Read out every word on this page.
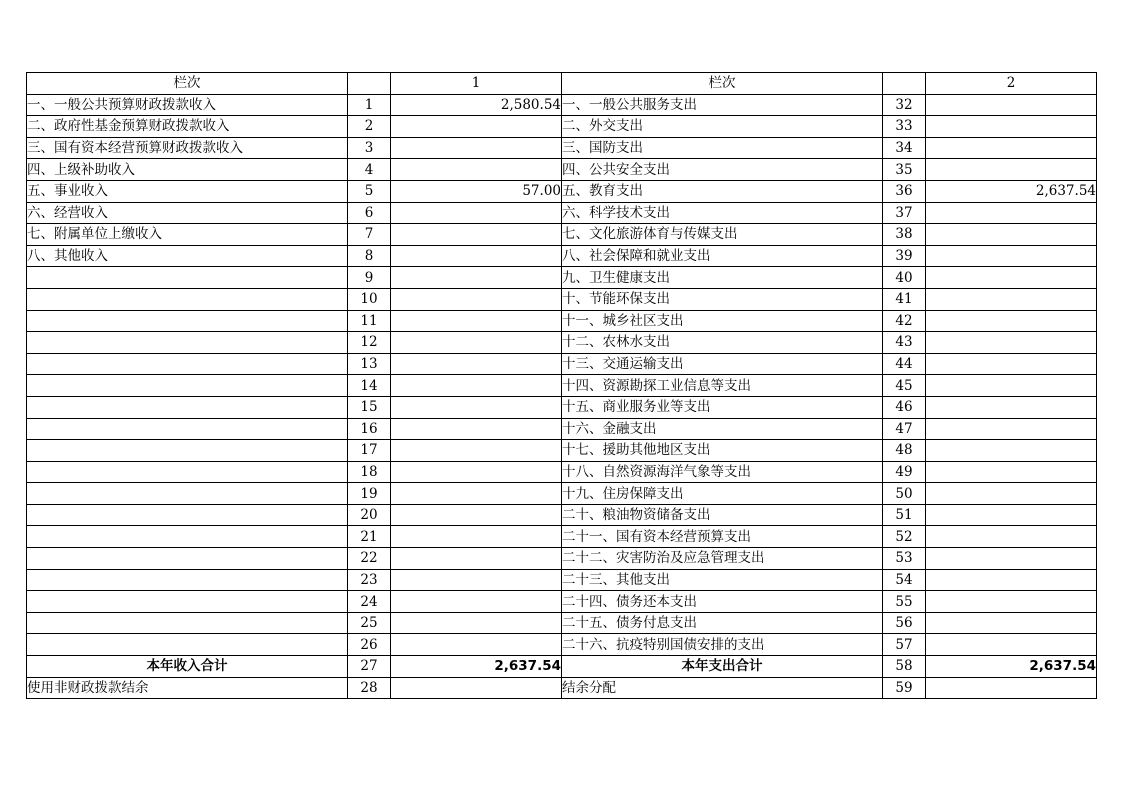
栏次		1	栏次		2
一、一般公共预算财政拨款收入	1	2,580.54	一、一般公共服务支出	32	
二、政府性基金预算财政拨款收入	2		二、外交支出	33	
三、国有资本经营预算财政拨款收入	3		三、国防支出	34	
四、上级补助收入	4		四、公共安全支出	35	
五、事业收入	5	57.00	五、教育支出	36	2,637.54
六、经营收入	6		六、科学技术支出	37	
七、附属单位上缴收入	7		七、文化旅游体育与传媒支出	38	
八、其他收入	8		八、社会保障和就业支出	39	
	9		九、卫生健康支出	40	
	10		十、节能环保支出	41	
	11		十一、城乡社区支出	42	
	12		十二、农林水支出	43	
	13		十三、交通运输支出	44	
	14		十四、资源勘探工业信息等支出	45	
	15		十五、商业服务业等支出	46	
	16		十六、金融支出	47	
	17		十七、援助其他地区支出	48	
	18		十八、自然资源海洋气象等支出	49	
	19		十九、住房保障支出	50	
	20		二十、粮油物资储备支出	51	
	21		二十一、国有资本经营预算支出	52	
	22		二十二、灾害防治及应急管理支出	53	
	23		二十三、其他支出	54	
	24		二十四、债务还本支出	55	
	25		二十五、债务付息支出	56	
	26		二十六、抗疫特别国债安排的支出	57	
本年收入合计	27	2,637.54	本年支出合计	58	2,637.54
使用非财政拨款结余	28		结余分配	59	
